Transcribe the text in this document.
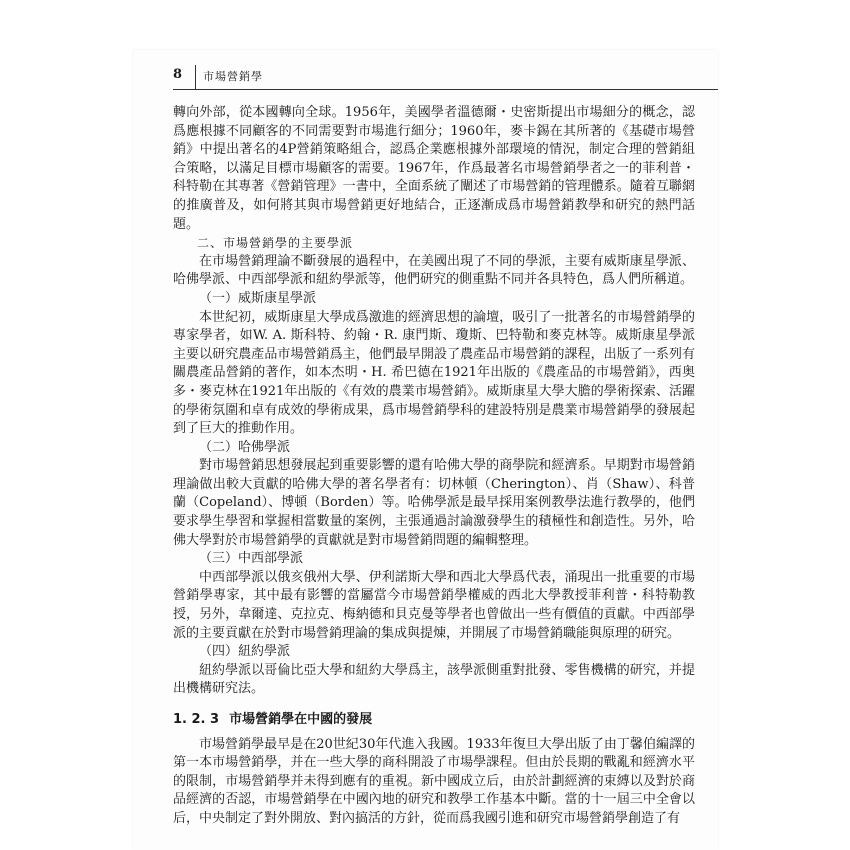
8 市場營銷學

轉向外部，從本國轉向全球。1956年，美國學者溫德爾・史密斯提出市場細分的概念，認爲應根據不同顧客的不同需要對市場進行細分；1960年，麥卡錫在其所著的《基礎市場營銷》中提出著名的4P營銷策略組合，認爲企業應根據外部環境的情況，制定合理的營銷組合策略，以滿足目標市場顧客的需要。1967年，作爲最著名市場營銷學者之一的菲利普・科特勒在其專著《營銷管理》一書中，全面系統了闡述了市場營銷的管理體系。隨着互聯網的推廣普及，如何將其與市場營銷更好地結合，正逐漸成爲市場營銷教學和研究的熱門話題。

二、市場營銷學的主要學派

在市場營銷理論不斷發展的過程中，在美國出現了不同的學派，主要有威斯康星學派、哈佛學派、中西部學派和紐約學派等，他們研究的側重點不同并各具特色，爲人們所稱道。

（一）威斯康星學派

本世紀初，威斯康星大學成爲激進的經濟思想的論壇，吸引了一批著名的市場營銷學的專家學者，如W. A. 斯科特、約翰・R. 康門斯、瓊斯、巴特勒和麥克林等。威斯康星學派主要以研究農產品市場營銷爲主，他們最早開設了農產品市場營銷的課程，出版了一系列有關農產品營銷的著作，如本杰明・H. 希巴德在1921年出版的《農產品的市場營銷》，西奥多・麥克林在1921年出版的《有效的農業市場營銷》。威斯康星大學大膽的學術探索、活躍的學術氛圍和卓有成效的學術成果，爲市場營銷學科的建設特別是農業市場營銷學的發展起到了巨大的推動作用。

（二）哈佛學派

對市場營銷思想發展起到重要影響的還有哈佛大學的商學院和經濟系。早期對市場營銷理論做出較大貢獻的哈佛大學的著名學者有：切林頓（Cherington）、肖（Shaw）、科普蘭（Copeland）、博頓（Borden）等。哈佛學派是最早採用案例教學法進行教學的，他們要求學生學習和掌握相當數量的案例，主張通過討論激發學生的積極性和創造性。另外，哈佛大學對於市場營銷學的貢獻就是對市場營銷問題的編輯整理。

（三）中西部學派

中西部學派以俄亥俄州大學、伊利諾斯大學和西北大學爲代表，涌現出一批重要的市場營銷學專家，其中最有影響的當屬當今市場營銷學權威的西北大學教授菲利普・科特勒教授，另外，韋爾達、克拉克、梅納德和貝克曼等學者也曾做出一些有價值的貢獻。中西部學派的主要貢獻在於對市場營銷理論的集成與提煉，并開展了市場營銷職能與原理的研究。

（四）紐約學派

紐約學派以哥倫比亞大學和紐約大學爲主，該學派側重對批發、零售機構的研究，并提出機構研究法。

1. 2. 3 市場營銷學在中國的發展

市場營銷學最早是在20世紀30年代進入我國。1933年復旦大學出版了由丁馨伯編譯的第一本市場營銷學，并在一些大學的商科開設了市場學課程。但由於長期的戰亂和經濟水平的限制，市場營銷學并未得到應有的重視。新中國成立后，由於計劃經濟的束縛以及對於商品經濟的否認，市場營銷學在中國內地的研究和教學工作基本中斷。當的十一屆三中全會以后，中央制定了對外開放、對內搞活的方針，從而爲我國引進和研究市場營銷學創造了有
